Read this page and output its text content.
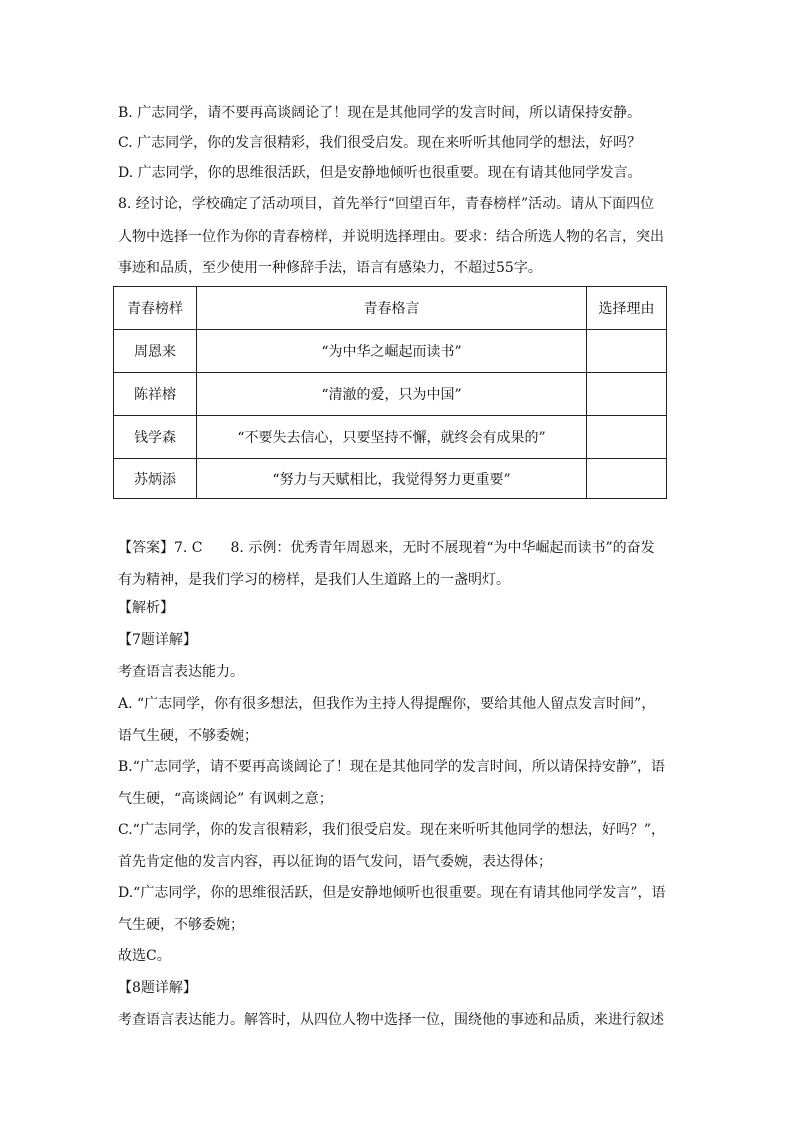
B. 广志同学，请不要再高谈阔论了！现在是其他同学的发言时间，所以请保持安静。
C. 广志同学，你的发言很精彩，我们很受启发。现在来听听其他同学的想法，好吗？
D. 广志同学，你的思维很活跃，但是安静地倾听也很重要。现在有请其他同学发言。
8. 经讨论，学校确定了活动项目，首先举行“回望百年，青春榜样”活动。请从下面四位
人物中选择一位作为你的青春榜样，并说明选择理由。要求：结合所选人物的名言，突出
事迹和品质，至少使用一种修辞手法，语言有感染力，不超过55字。
青春榜样	青春格言	选择理由
周恩来	“为中华之崛起而读书”
陈祥榕	“清澈的爱，只为中国”
钱学森	“不要失去信心，只要坚持不懈，就终会有成果的”
苏炳添	“努力与天赋相比，我觉得努力更重要”
【答案】7. C　　8. 示例：优秀青年周恩来，无时不展现着“为中华崛起而读书”的奋发
有为精神，是我们学习的榜样，是我们人生道路上的一盏明灯。
【解析】
【7题详解】
考查语言表达能力。
A. “广志同学，你有很多想法，但我作为主持人得提醒你，要给其他人留点发言时间”，
语气生硬，不够委婉；
B.“广志同学，请不要再高谈阔论了！现在是其他同学的发言时间，所以请保持安静”，语
气生硬，“高谈阔论” 有讽刺之意；
C.“广志同学，你的发言很精彩，我们很受启发。现在来听听其他同学的想法，好吗？”，
首先肯定他的发言内容，再以征询的语气发问，语气委婉，表达得体；
D.“广志同学，你的思维很活跃，但是安静地倾听也很重要。现在有请其他同学发言”，语
气生硬，不够委婉；
故选C。
【8题详解】
考查语言表达能力。解答时，从四位人物中选择一位，围绕他的事迹和品质，来进行叙述
